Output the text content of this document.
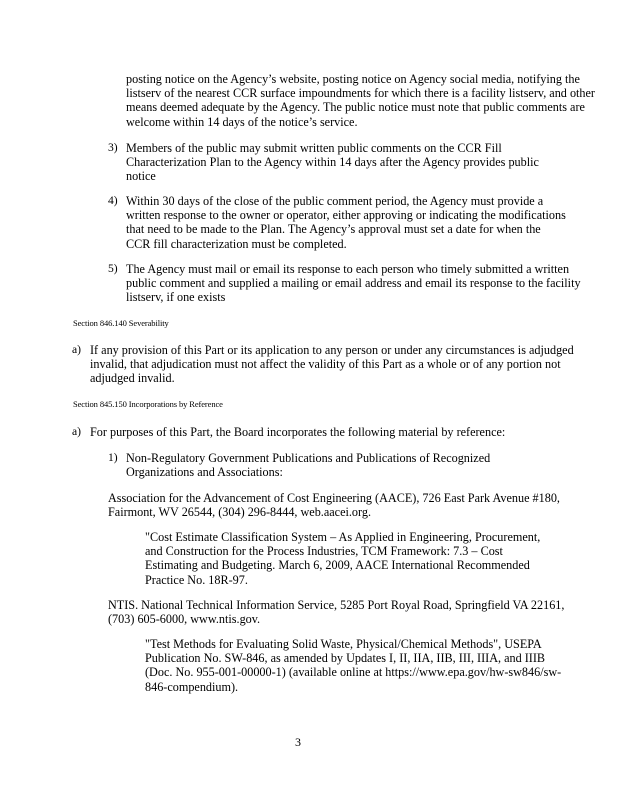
posting notice on the Agency’s website, posting notice on Agency social media, notifying the listserv of the nearest CCR surface impoundments for which there is a facility listserv, and other means deemed adequate by the Agency. The public notice must note that public comments are welcome within 14 days of the notice’s service.
3) Members of the public may submit written public comments on the CCR Fill Characterization Plan to the Agency within 14 days after the Agency provides public notice
4) Within 30 days of the close of the public comment period, the Agency must provide a written response to the owner or operator, either approving or indicating the modifications that need to be made to the Plan. The Agency’s approval must set a date for when the CCR fill characterization must be completed.
5) The Agency must mail or email its response to each person who timely submitted a written public comment and supplied a mailing or email address and email its response to the facility listserv, if one exists
Section 846.140 Severability
a) If any provision of this Part or its application to any person or under any circumstances is adjudged invalid, that adjudication must not affect the validity of this Part as a whole or of any portion not adjudged invalid.
Section 845.150 Incorporations by Reference
a) For purposes of this Part, the Board incorporates the following material by reference:
1) Non-Regulatory Government Publications and Publications of Recognized Organizations and Associations:
Association for the Advancement of Cost Engineering (AACE), 726 East Park Avenue #180, Fairmont, WV 26544, (304) 296-8444, web.aacei.org.
"Cost Estimate Classification System – As Applied in Engineering, Procurement, and Construction for the Process Industries, TCM Framework: 7.3 – Cost Estimating and Budgeting. March 6, 2009, AACE International Recommended Practice No. 18R-97.
NTIS. National Technical Information Service, 5285 Port Royal Road, Springfield VA 22161, (703) 605-6000, www.ntis.gov.
"Test Methods for Evaluating Solid Waste, Physical/Chemical Methods", USEPA Publication No. SW-846, as amended by Updates I, II, IIA, IIB, III, IIIA, and IIIB (Doc. No. 955-001-00000-1) (available online at https://www.epa.gov/hw-sw846/sw-846-compendium).
3
